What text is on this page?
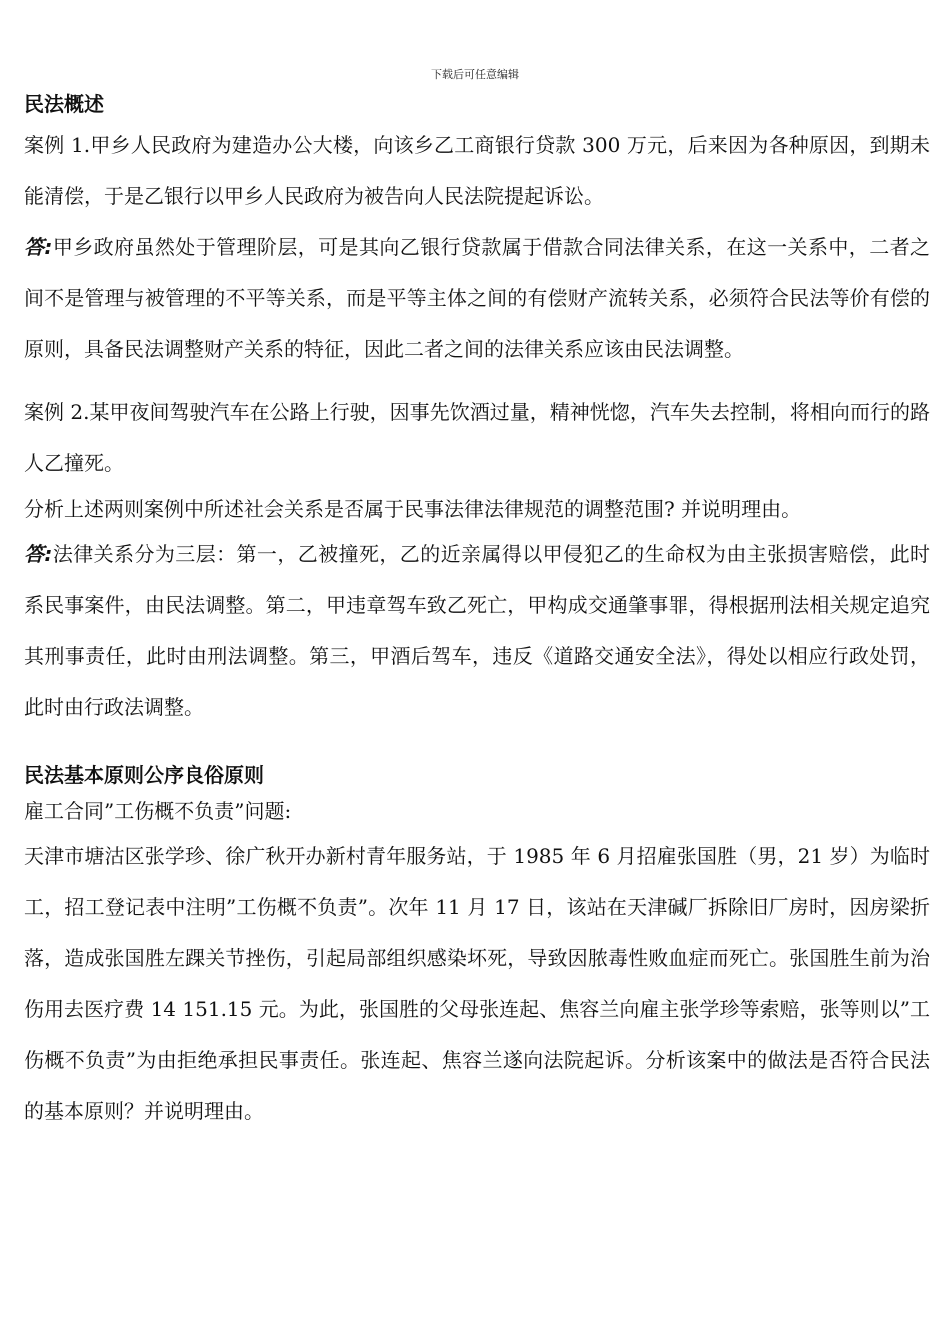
下载后可任意编辑

民法概述

案例 1.甲乡人民政府为建造办公大楼，向该乡乙工商银行贷款 300 万元，后来因为各种原因，到期未能清偿，于是乙银行以甲乡人民政府为被告向人民法院提起诉讼。

答:甲乡政府虽然处于管理阶层，可是其向乙银行贷款属于借款合同法律关系，在这一关系中，二者之间不是管理与被管理的不平等关系，而是平等主体之间的有偿财产流转关系，必须符合民法等价有偿的原则，具备民法调整财产关系的特征，因此二者之间的法律关系应该由民法调整。

案例 2.某甲夜间驾驶汽车在公路上行驶，因事先饮酒过量，精神恍惚，汽车失去控制，将相向而行的路人乙撞死。

分析上述两则案例中所述社会关系是否属于民事法律法律规范的调整范围? 并说明理由。

答:法律关系分为三层：第一，乙被撞死，乙的近亲属得以甲侵犯乙的生命权为由主张损害赔偿，此时系民事案件，由民法调整。第二，甲违章驾车致乙死亡，甲构成交通肇事罪，得根据刑法相关规定追究其刑事责任，此时由刑法调整。第三，甲酒后驾车，违反《道路交通安全法》，得处以相应行政处罚，此时由行政法调整。

民法基本原则公序良俗原则

雇工合同”工伤概不负责”问题:

天津市塘沽区张学珍、徐广秋开办新村青年服务站，于 1985 年 6 月招雇张国胜（男，21 岁）为临时工，招工登记表中注明”工伤概不负责”。次年 11 月 17 日，该站在天津碱厂拆除旧厂房时，因房梁折落，造成张国胜左踝关节挫伤，引起局部组织感染坏死，导致因脓毒性败血症而死亡。张国胜生前为治伤用去医疗费 14 151.15 元。为此，张国胜的父母张连起、焦容兰向雇主张学珍等索赔，张等则以”工伤概不负责”为由拒绝承担民事责任。张连起、焦容兰遂向法院起诉。分析该案中的做法是否符合民法的基本原则？并说明理由。
